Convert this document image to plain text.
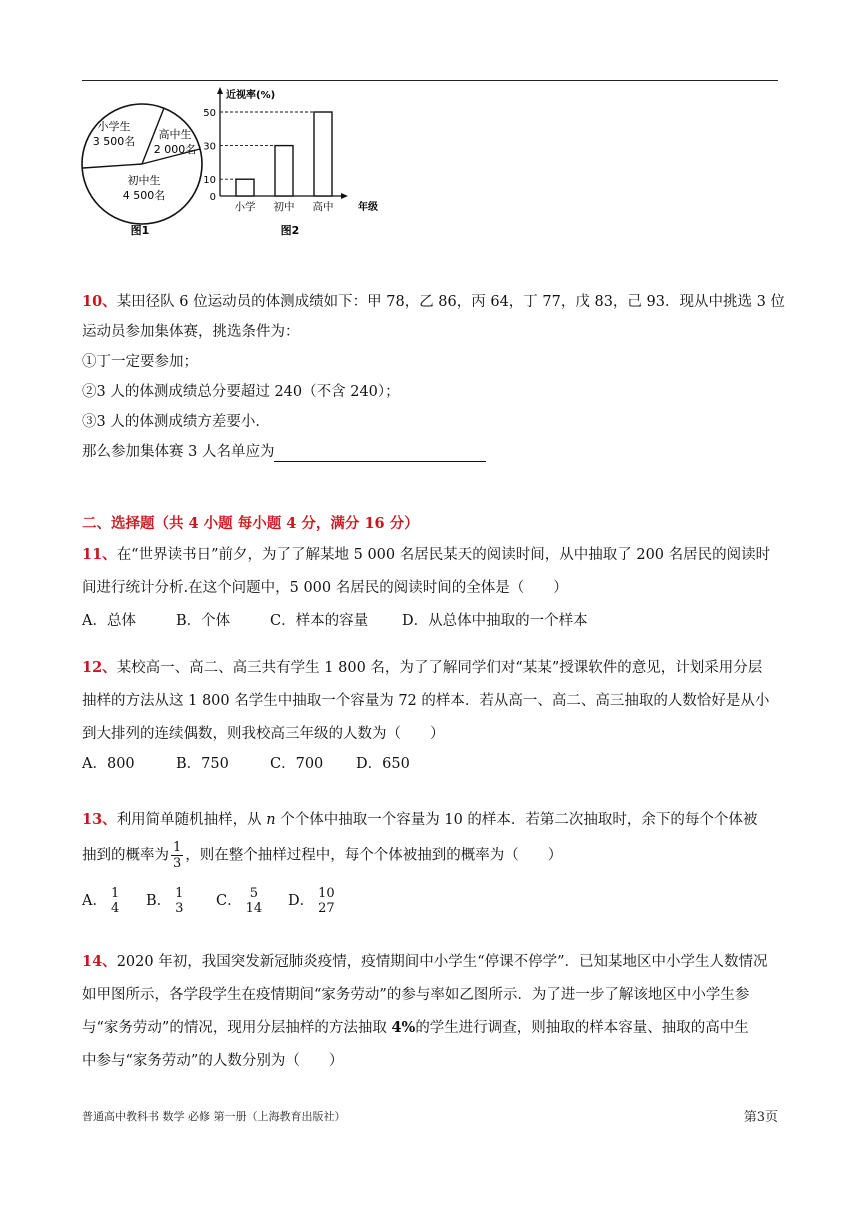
小学生
3 500名
高中生
2 000名
初中生
4 500名
图1
近视率(%)
年级
图2
0
10
30
50
小学 初中 高中
10、某田径队 6 位运动员的体测成绩如下：甲 78，乙 86，丙 64，丁 77，戊 83，己 93．现从中挑选 3 位
运动员参加集体赛，挑选条件为：
①丁一定要参加；
②3 人的体测成绩总分要超过 240（不含 240）；
③3 人的体测成绩方差要小．
那么参加集体赛 3 人名单应为
二、选择题（共 4 小题 每小题 4 分，满分 16 分）
11、在“世界读书日”前夕，为了了解某地 5 000 名居民某天的阅读时间，从中抽取了 200 名居民的阅读时
间进行统计分析.在这个问题中，5 000 名居民的阅读时间的全体是（　　）
A．总体	B．个体	C．样本的容量 D．从总体中抽取的一个样本
12、某校高一、高二、高三共有学生 1 800 名，为了了解同学们对“某某”授课软件的意见，计划采用分层
抽样的方法从这 1 800 名学生中抽取一个容量为 72 的样本．若从高一、高二、高三抽取的人数恰好是从小
到大排列的连续偶数，则我校高三年级的人数为（　　）
A．800	B．750	C．700 D．650
13、利用简单随机抽样，从 n 个个体中抽取一个容量为 10 的样本．若第二次抽取时，余下的每个个体被
抽到的概率为 $\frac{1}{3}$ ，则在整个抽样过程中，每个个体被抽到的概率为（　　）
A． 1
4 B． 1
3 C． 5
14 D． 10
27
14、2020 年初，我国突发新冠肺炎疫情，疫情期间中小学生“停课不停学”．已知某地区中小学生人数情况
如甲图所示，各学段学生在疫情期间“家务劳动”的参与率如乙图所示．为了进一步了解该地区中小学生参
与“家务劳动”的情况，现用分层抽样的方法抽取 4%的学生进行调查，则抽取的样本容量、抽取的高中生
中参与“家务劳动”的人数分别为（　　）
普通高中教科书 数学 必修 第一册（上海教育出版社）	第3页
